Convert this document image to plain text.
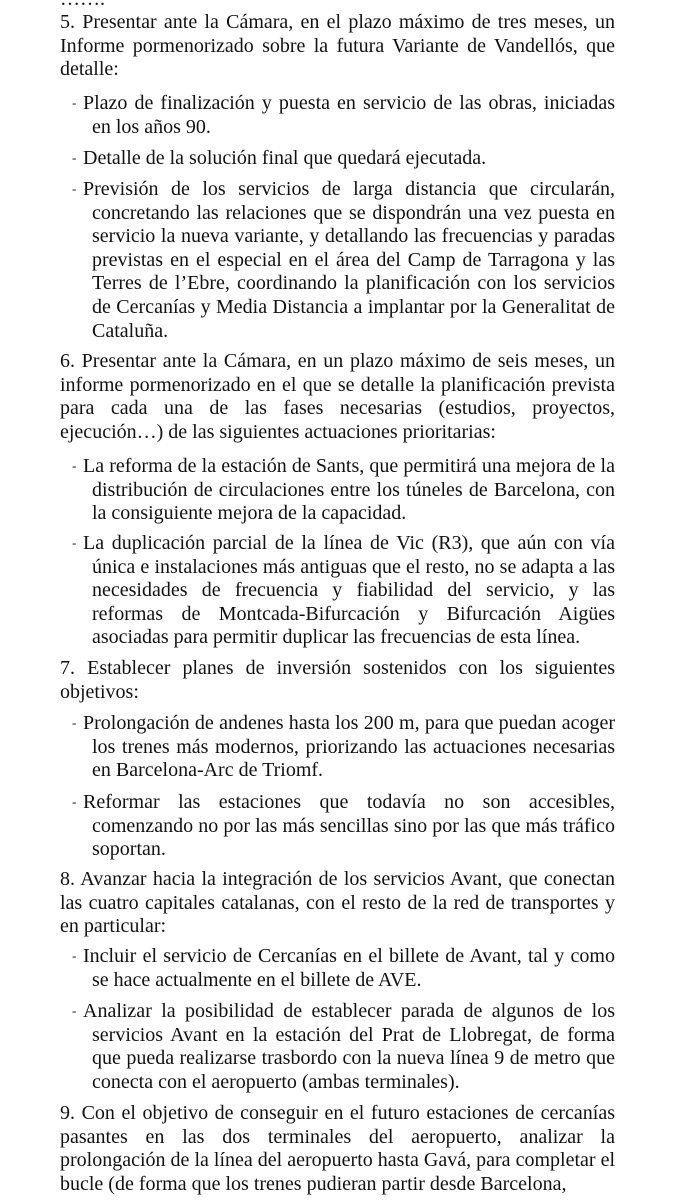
5. Presentar ante la Cámara, en el plazo máximo de tres meses, un Informe pormenorizado sobre la futura Variante de Vandellós, que detalle:

- Plazo de finalización y puesta en servicio de las obras, iniciadas en los años 90.
- Detalle de la solución final que quedará ejecutada.
- Previsión de los servicios de larga distancia que circularán, concretando las relaciones que se dispondrán una vez puesta en servicio la nueva variante, y detallando las frecuencias y paradas previstas en el especial en el área del Camp de Tarragona y las Terres de l’Ebre, coordinando la planificación con los servicios de Cercanías y Media Distancia a implantar por la Generalitat de Cataluña.

6. Presentar ante la Cámara, en un plazo máximo de seis meses, un informe pormenorizado en el que se detalle la planificación prevista para cada una de las fases necesarias (estudios, proyectos, ejecución…) de las siguientes actuaciones prioritarias:

- La reforma de la estación de Sants, que permitirá una mejora de la distribución de circulaciones entre los túneles de Barcelona, con la consiguiente mejora de la capacidad.
- La duplicación parcial de la línea de Vic (R3), que aún con vía única e instalaciones más antiguas que el resto, no se adapta a las necesidades de frecuencia y fiabilidad del servicio, y las reformas de Montcada-Bifurcación y Bifurcación Aigües asociadas para permitir duplicar las frecuencias de esta línea.

7. Establecer planes de inversión sostenidos con los siguientes objetivos:

- Prolongación de andenes hasta los 200 m, para que puedan acoger los trenes más modernos, priorizando las actuaciones necesarias en Barcelona-Arc de Triomf.
- Reformar las estaciones que todavía no son accesibles, comenzando no por las más sencillas sino por las que más tráfico soportan.

8. Avanzar hacia la integración de los servicios Avant, que conectan las cuatro capitales catalanas, con el resto de la red de transportes y en particular:

- Incluir el servicio de Cercanías en el billete de Avant, tal y como se hace actualmente en el billete de AVE.
- Analizar la posibilidad de establecer parada de algunos de los servicios Avant en la estación del Prat de Llobregat, de forma que pueda realizarse trasbordo con la nueva línea 9 de metro que conecta con el aeropuerto (ambas terminales).

9. Con el objetivo de conseguir en el futuro estaciones de cercanías pasantes en las dos terminales del aeropuerto, analizar la prolongación de la línea del aeropuerto hasta Gavá, para completar el bucle (de forma que los trenes pudieran partir desde Barcelona,
